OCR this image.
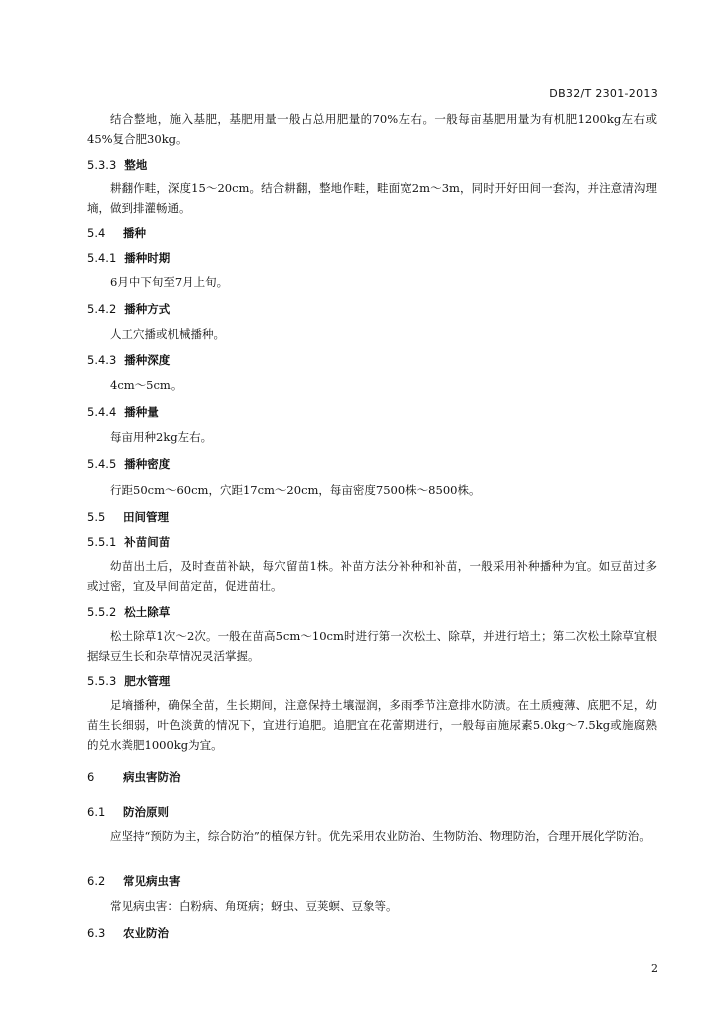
DB32/T 2301-2013
结合整地，施入基肥，基肥用量一般占总用肥量的70%左右。一般每亩基肥用量为有机肥1200kg左右或45%复合肥30kg。
5.3.3 整地
耕翻作畦，深度15～20cm。结合耕翻，整地作畦，畦面宽2m～3m，同时开好田间一套沟，并注意清沟理墒，做到排灌畅通。
5.4 播种
5.4.1 播种时期
6月中下旬至7月上旬。
5.4.2 播种方式
人工穴播或机械播种。
5.4.3 播种深度
4cm～5cm。
5.4.4 播种量
每亩用种2kg左右。
5.4.5 播种密度
行距50cm～60cm，穴距17cm～20cm，每亩密度7500株～8500株。
5.5 田间管理
5.5.1 补苗间苗
幼苗出土后，及时查苗补缺，每穴留苗1株。补苗方法分补种和补苗，一般采用补种播种为宜。如豆苗过多或过密，宜及早间苗定苗，促进苗壮。
5.5.2 松土除草
松土除草1次～2次。一般在苗高5cm～10cm时进行第一次松土、除草，并进行培土；第二次松土除草宜根据绿豆生长和杂草情况灵活掌握。
5.5.3 肥水管理
足墒播种，确保全苗，生长期间，注意保持土壤湿润，多雨季节注意排水防渍。在土质瘦薄、底肥不足，幼苗生长细弱，叶色淡黄的情况下，宜进行追肥。追肥宜在花蕾期进行，一般每亩施尿素5.0kg～7.5kg或施腐熟的兑水粪肥1000kg为宜。
6 病虫害防治
6.1 防治原则
应坚持“预防为主，综合防治”的植保方针。优先采用农业防治、生物防治、物理防治，合理开展化学防治。
6.2 常见病虫害
常见病虫害：白粉病、角斑病；蚜虫、豆荚螟、豆象等。
6.3 农业防治
2
